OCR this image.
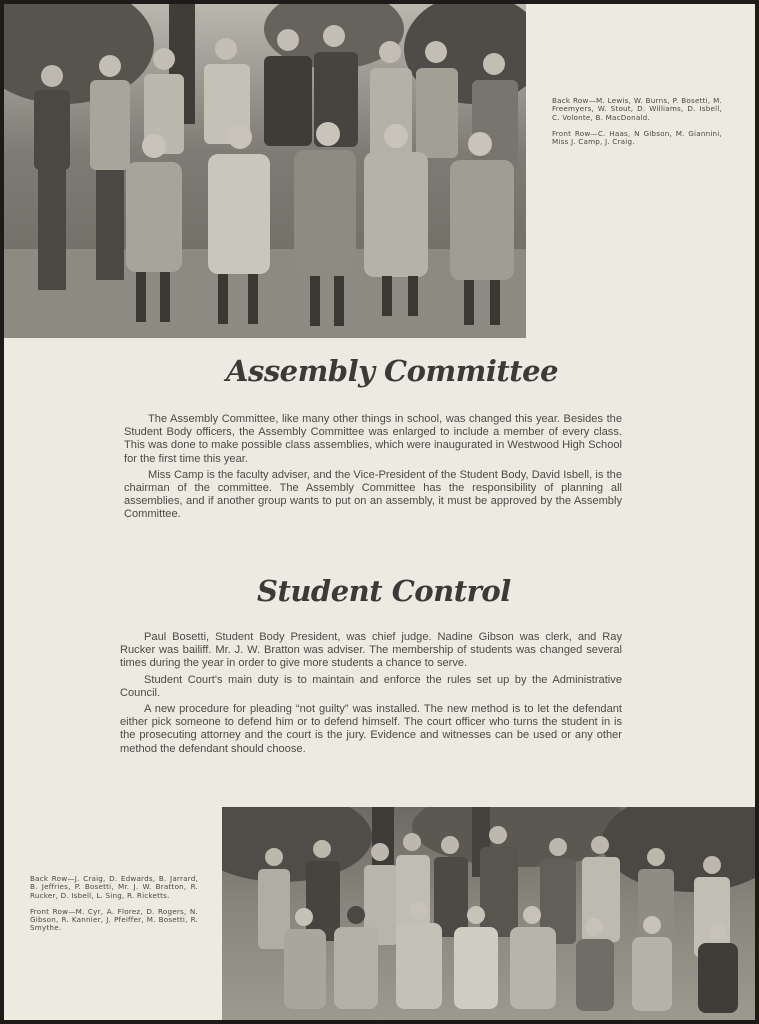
Back Row—M. Lewis, W. Burns, P. Bosetti, M. Freemyers, W. Stout, D. Williams, D. Isbell, C. Volonte, B. MacDonald.

Front Row—C. Haas, N Gibson, M. Giannini, Miss J. Camp, J. Craig.

Assembly Committee

The Assembly Committee, like many other things in school, was changed this year. Besides the Student Body officers, the Assembly Committee was enlarged to include a member of every class. This was done to make possible class assemblies, which were inaugurated in Westwood High School for the first time this year.

Miss Camp is the faculty adviser, and the Vice-President of the Student Body, David Isbell, is the chairman of the committee. The Assembly Committee has the responsibility of planning all assemblies, and if another group wants to put on an assembly, it must be approved by the Assembly Committee.

Student Control

Paul Bosetti, Student Body President, was chief judge. Nadine Gibson was clerk, and Ray Rucker was bailiff. Mr. J. W. Bratton was adviser. The membership of students was changed several times during the year in order to give more students a chance to serve.

Student Court's main duty is to maintain and enforce the rules set up by the Administrative Council.

A new procedure for pleading “not guilty” was installed. The new method is to let the defendant either pick someone to defend him or to defend himself. The court officer who turns the student in is the prosecuting attorney and the court is the jury. Evidence and witnesses can be used or any other method the defendant should choose.

Back Row—J. Craig, D. Edwards, B. Jarrard, B. Jeffries, P. Bosetti, Mr. J. W. Bratton, R. Rucker, D. Isbell, L. Sing, R. Ricketts.

Front Row—M. Cyr, A. Florez, D. Rogers, N. Gibson, R. Kannier, J. Pfeiffer, M. Bosetti, R. Smythe.
